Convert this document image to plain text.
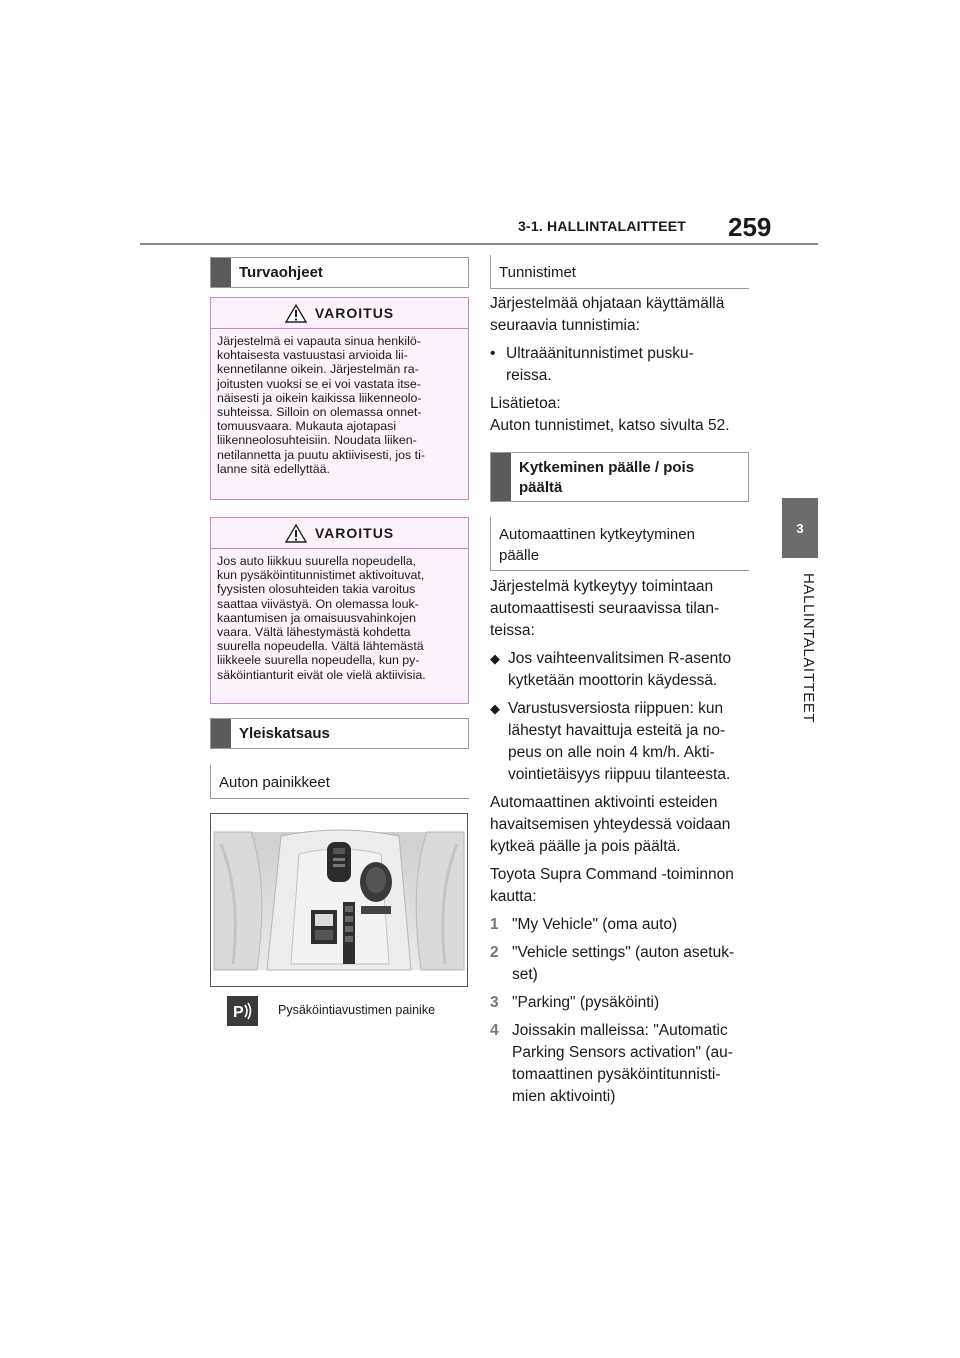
3-1. HALLINTALAITTEET 259
3
HALLINTALAITTEET
Turvaohjeet
VAROITUS
Järjestelmä ei vapauta sinua henkilö-
kohtaisesta vastuustasi arvioida lii-
kennetilanne oikein. Järjestelmän ra-
joitusten vuoksi se ei voi vastata itse-
näisesti ja oikein kaikissa liikenneolo-
suhteissa. Silloin on olemassa onnet-
tomuusvaara. Mukauta ajotapasi
liikenneolosuhteisiin. Noudata liiken-
netilannetta ja puutu aktiivisesti, jos ti-
lanne sitä edellyttää.
VAROITUS
Jos auto liikkuu suurella nopeudella,
kun pysäköintitunnistimet aktivoituvat,
fyysisten olosuhteiden takia varoitus
saattaa viivästyä. On olemassa louk-
kaantumisen ja omaisuusvahinkojen
vaara. Vältä lähestymästä kohdetta
suurella nopeudella. Vältä lähtemästä
liikkeele suurella nopeudella, kun py-
säköintianturit eivät ole vielä aktiivisia.
Yleiskatsaus
Auton painikkeet
P	Pysäköintiavustimen painike
Tunnistimet

Järjestelmää ohjataan käyttämällä
seuraavia tunnistimia:

• Ultraäänitunnistimet pusku-
reissa.

Lisätietoa:
Auton tunnistimet, katso sivulta 52.

Kytkeminen päälle / pois
päältä
Automaattinen kytkeytyminen
päälle

Järjestelmä kytkeytyy toimintaan
automaattisesti seuraavissa tilan-
teissa:

◆ Jos vaihteenvalitsimen R-asento
kytketään moottorin käydessä.
◆ Varustusversiosta riippuen: kun
lähestyt havaittuja esteitä ja no-
peus on alle noin 4 km/h. Akti-
vointietäisyys riippuu tilanteesta.

Automaattinen aktivointi esteiden
havaitsemisen yhteydessä voidaan
kytkeä päälle ja pois päältä.

Toyota Supra Command -toiminnon
kautta:

1 "My Vehicle" (oma auto)
2 "Vehicle settings" (auton asetuk-
set)
3 "Parking" (pysäköinti)
4 Joissakin malleissa: "Automatic
Parking Sensors activation" (au-
tomaattinen pysäköintitunnisti-
mien aktivointi)
